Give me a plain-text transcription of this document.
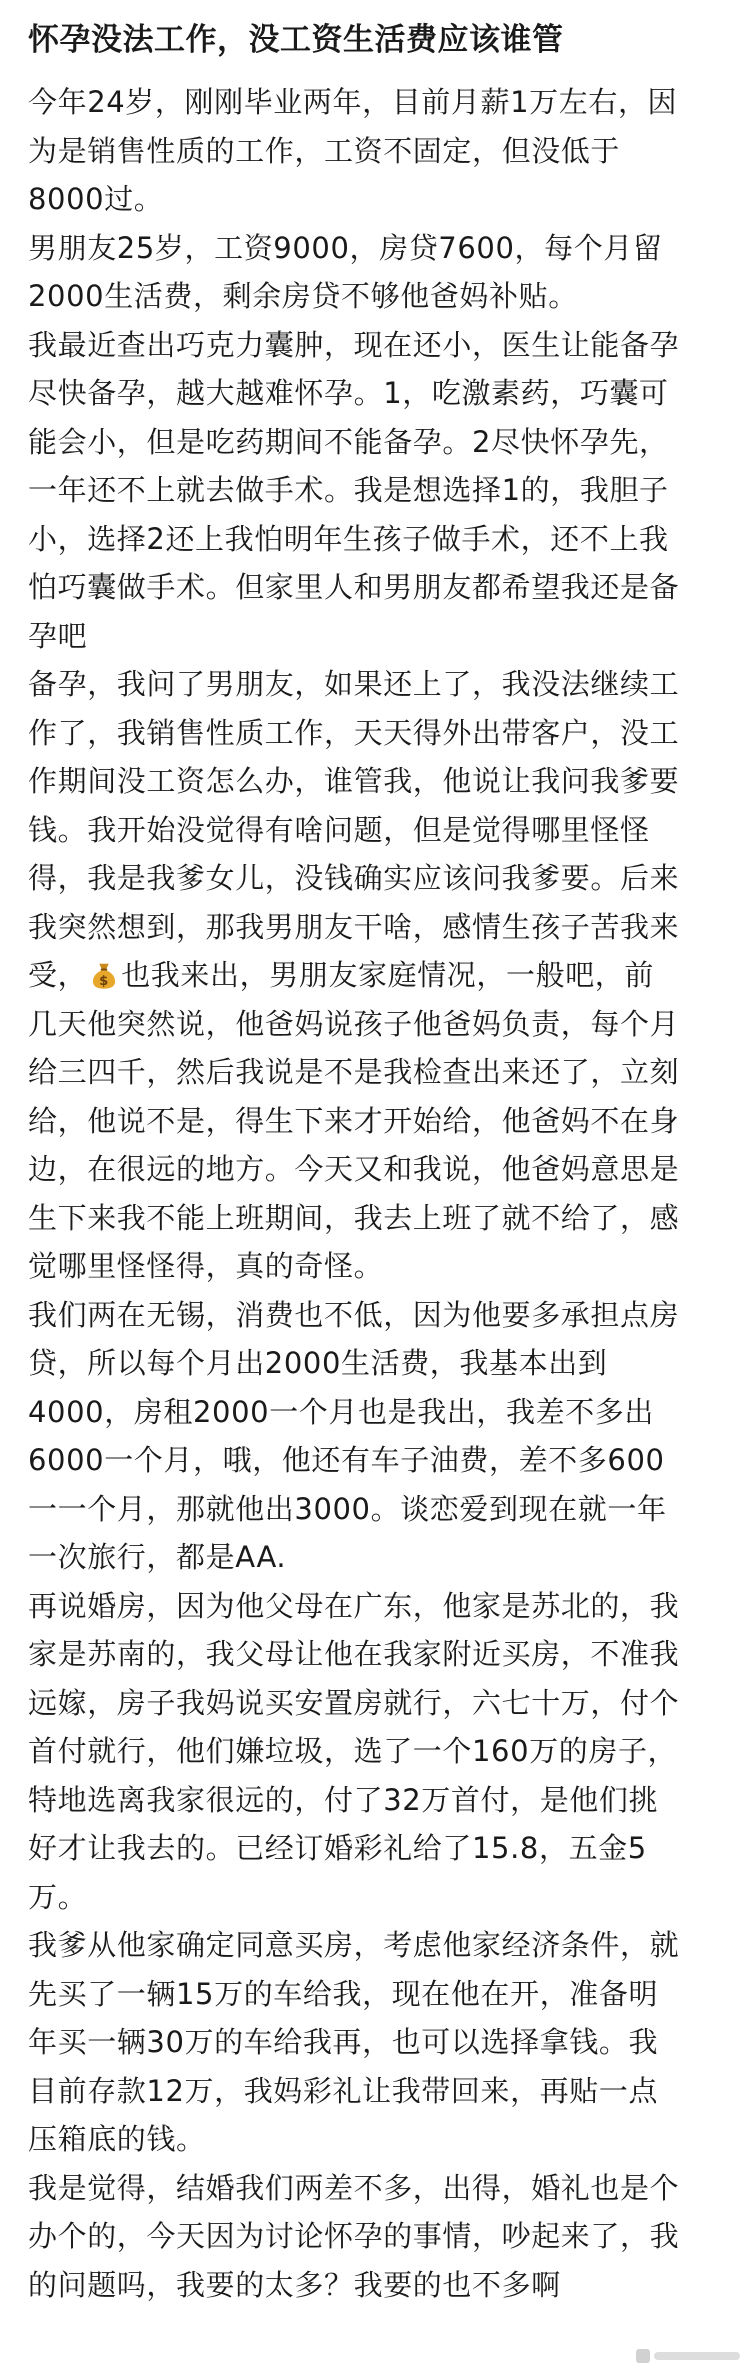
怀孕没法工作，没工资生活费应该谁管

今年24岁，刚刚毕业两年，目前月薪1万左右，因
为是销售性质的工作，工资不固定，但没低于
8000过。

男朋友25岁，工资9000，房贷7600，每个月留
2000生活费，剩余房贷不够他爸妈补贴。

我最近查出巧克力囊肿，现在还小，医生让能备孕
尽快备孕，越大越难怀孕。1，吃激素药，巧囊可
能会小，但是吃药期间不能备孕。2尽快怀孕先，
一年还不上就去做手术。我是想选择1的，我胆子
小，选择2还上我怕明年生孩子做手术，还不上我
怕巧囊做手术。但家里人和男朋友都希望我还是备
孕吧

备孕，我问了男朋友，如果还上了，我没法继续工
作了，我销售性质工作，天天得外出带客户，没工
作期间没工资怎么办，谁管我，他说让我问我爹要
钱。我开始没觉得有啥问题，但是觉得哪里怪怪
得，我是我爹女儿，没钱确实应该问我爹要。后来
我突然想到，那我男朋友干啥，感情生孩子苦我来
受， $ 也我来出，男朋友家庭情况，一般吧，前
几天他突然说，他爸妈说孩子他爸妈负责，每个月
给三四千，然后我说是不是我检查出来还了，立刻
给，他说不是，得生下来才开始给，他爸妈不在身
边，在很远的地方。今天又和我说，他爸妈意思是
生下来我不能上班期间，我去上班了就不给了，感
觉哪里怪怪得，真的奇怪。

我们两在无锡，消费也不低，因为他要多承担点房
贷，所以每个月出2000生活费，我基本出到
4000，房租2000一个月也是我出，我差不多出
6000一个月，哦，他还有车子油费，差不多600
一一个月，那就他出3000。谈恋爱到现在就一年
一次旅行，都是AA.

再说婚房，因为他父母在广东，他家是苏北的，我
家是苏南的，我父母让他在我家附近买房，不准我
远嫁，房子我妈说买安置房就行，六七十万，付个
首付就行，他们嫌垃圾，选了一个160万的房子，
特地选离我家很远的，付了32万首付，是他们挑
好才让我去的。已经订婚彩礼给了15.8，五金5
万。

我爹从他家确定同意买房，考虑他家经济条件，就
先买了一辆15万的车给我，现在他在开，准备明
年买一辆30万的车给我再，也可以选择拿钱。我
目前存款12万，我妈彩礼让我带回来，再贴一点
压箱底的钱。

我是觉得，结婚我们两差不多，出得，婚礼也是个
办个的，今天因为讨论怀孕的事情，吵起来了，我
的问题吗，我要的太多？我要的也不多啊
